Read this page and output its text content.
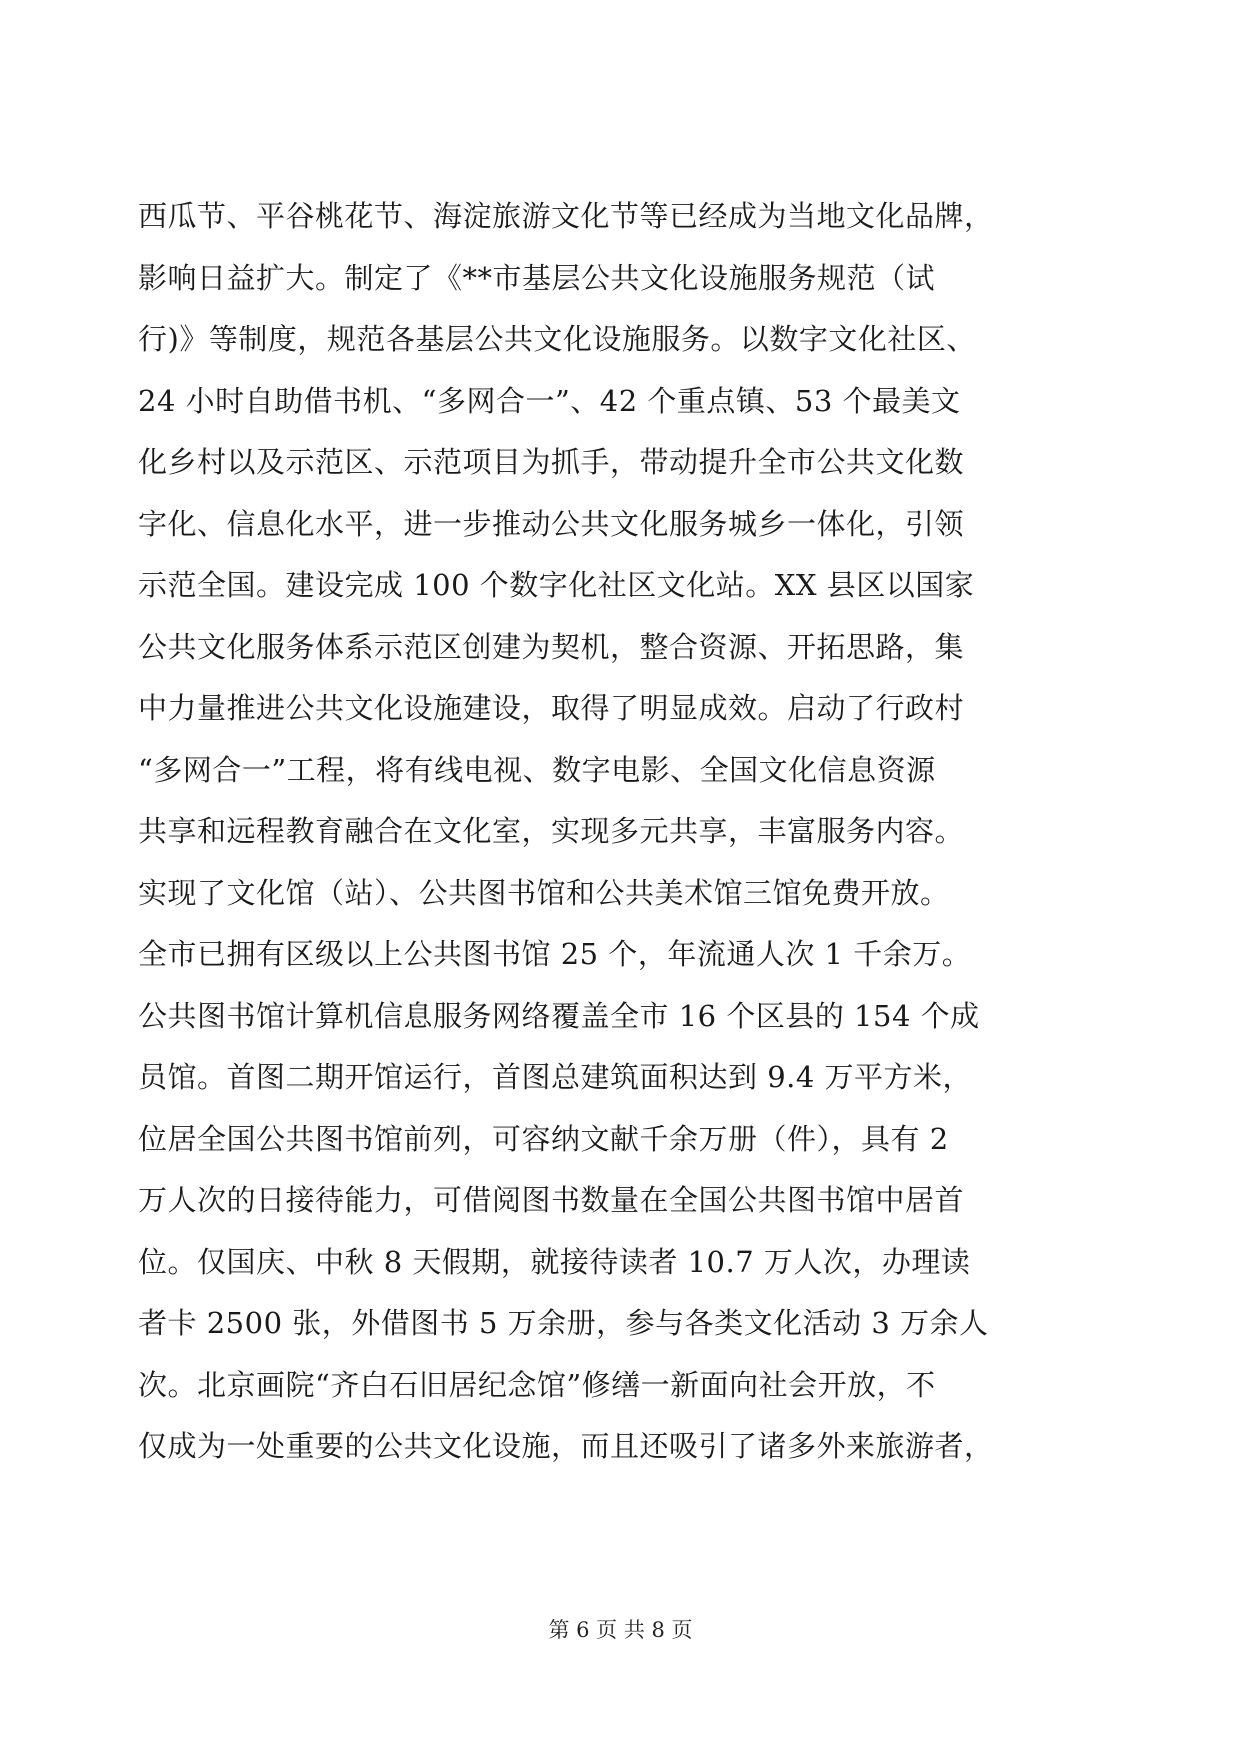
西瓜节、平谷桃花节、海淀旅游文化节等已经成为当地文化品牌，
影响日益扩大。制定了《**市基层公共文化设施服务规范（试
行)》等制度，规范各基层公共文化设施服务。以数字文化社区、
24 小时自助借书机、“多网合一”、42 个重点镇、53 个最美文
化乡村以及示范区、示范项目为抓手，带动提升全市公共文化数
字化、信息化水平，进一步推动公共文化服务城乡一体化，引领
示范全国。建设完成 100 个数字化社区文化站。XX 县区以国家
公共文化服务体系示范区创建为契机，整合资源、开拓思路，集
中力量推进公共文化设施建设，取得了明显成效。启动了行政村
“多网合一”工程，将有线电视、数字电影、全国文化信息资源
共享和远程教育融合在文化室，实现多元共享，丰富服务内容。
实现了文化馆（站）、公共图书馆和公共美术馆三馆免费开放。
全市已拥有区级以上公共图书馆 25 个，年流通人次 1 千余万。
公共图书馆计算机信息服务网络覆盖全市 16 个区县的 154 个成
员馆。首图二期开馆运行，首图总建筑面积达到 9.4 万平方米，
位居全国公共图书馆前列，可容纳文献千余万册（件），具有 2
万人次的日接待能力，可借阅图书数量在全国公共图书馆中居首
位。仅国庆、中秋 8 天假期，就接待读者 10.7 万人次，办理读
者卡 2500 张，外借图书 5 万余册，参与各类文化活动 3 万余人
次。北京画院“齐白石旧居纪念馆”修缮一新面向社会开放，不
仅成为一处重要的公共文化设施，而且还吸引了诸多外来旅游者，
第 6 页 共 8 页
